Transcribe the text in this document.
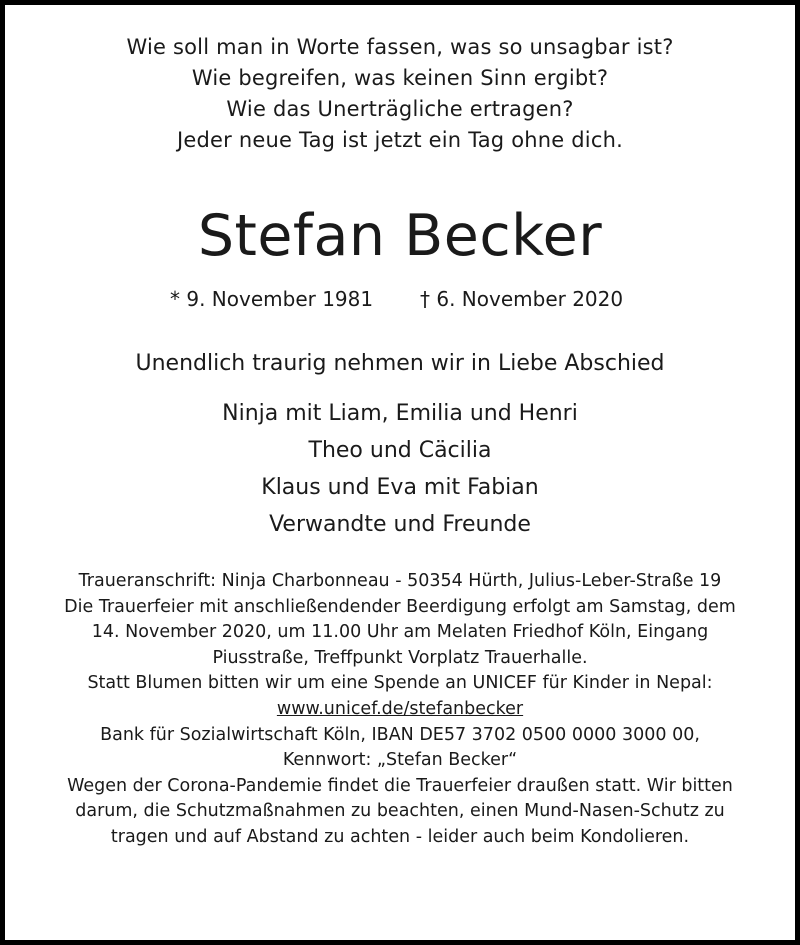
Wie soll man in Worte fassen, was so unsagbar ist?
Wie begreifen, was keinen Sinn ergibt?
Wie das Unerträgliche ertragen?
Jeder neue Tag ist jetzt ein Tag ohne dich.
Stefan Becker
* 9. November 1981 † 6. November 2020
Unendlich traurig nehmen wir in Liebe Abschied
Ninja mit Liam, Emilia und Henri
Theo und Cäcilia
Klaus und Eva mit Fabian
Verwandte und Freunde
Traueranschrift: Ninja Charbonneau - 50354 Hürth, Julius-Leber-Straße 19
Die Trauerfeier mit anschließendender Beerdigung erfolgt am Samstag, dem
14. November 2020, um 11.00 Uhr am Melaten Friedhof Köln, Eingang
Piusstraße, Treffpunkt Vorplatz Trauerhalle.
Statt Blumen bitten wir um eine Spende an UNICEF für Kinder in Nepal:
www.unicef.de/stefanbecker
Bank für Sozialwirtschaft Köln, IBAN DE57 3702 0500 0000 3000 00,
Kennwort: „Stefan Becker“
Wegen der Corona-Pandemie findet die Trauerfeier draußen statt. Wir bitten
darum, die Schutzmaßnahmen zu beachten, einen Mund-Nasen-Schutz zu
tragen und auf Abstand zu achten - leider auch beim Kondolieren.
